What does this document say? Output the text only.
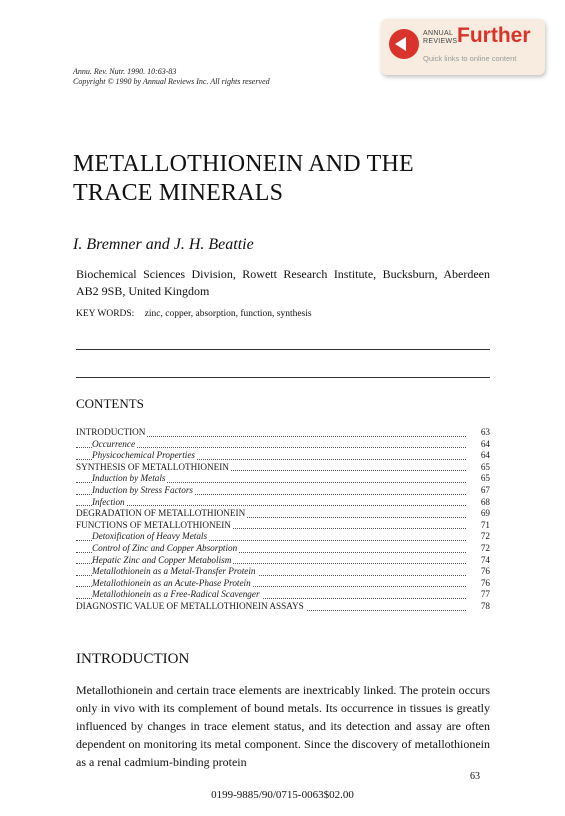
ANNUAL
REVIEWS Further
Quick links to online content
Annu. Rev. Nutr. 1990. 10:63-83
Copyright © 1990 by Annual Reviews Inc. All rights reserved
METALLOTHIONEIN AND THE
TRACE MINERALS
I. Bremner and J. H. Beattie
Biochemical Sciences Division, Rowett Research Institute, Bucksburn, Aberdeen AB2 9SB, United Kingdom
KEY WORDS: zinc, copper, absorption, function, synthesis
CONTENTS
INTRODUCTION	63
Occurrence	64
Physicochemical Properties	64
SYNTHESIS OF METALLOTHIONEIN	65
Induction by Metals	65
Induction by Stress Factors	67
Infection	68
DEGRADATION OF METALLOTHIONEIN	69
FUNCTIONS OF METALLOTHIONEIN	71
Detoxification of Heavy Metals	72
Control of Zinc and Copper Absorption	72
Hepatic Zinc and Copper Metabolism	74
Metallothionein as a Metal-Transfer Protein	76
Metallothionein as an Acute-Phase Protein	76
Metallothionein as a Free-Radical Scavenger	77
DIAGNOSTIC VALUE OF METALLOTHIONEIN ASSAYS	78
INTRODUCTION
Metallothionein and certain trace elements are inextricably linked. The protein occurs only in vivo with its complement of bound metals. Its occurrence in tissues is greatly influenced by changes in trace element status, and its detection and assay are often dependent on monitoring its metal component. Since the discovery of metallothionein as a renal cadmium-binding protein
63
0199-9885/90/0715-0063$02.00
